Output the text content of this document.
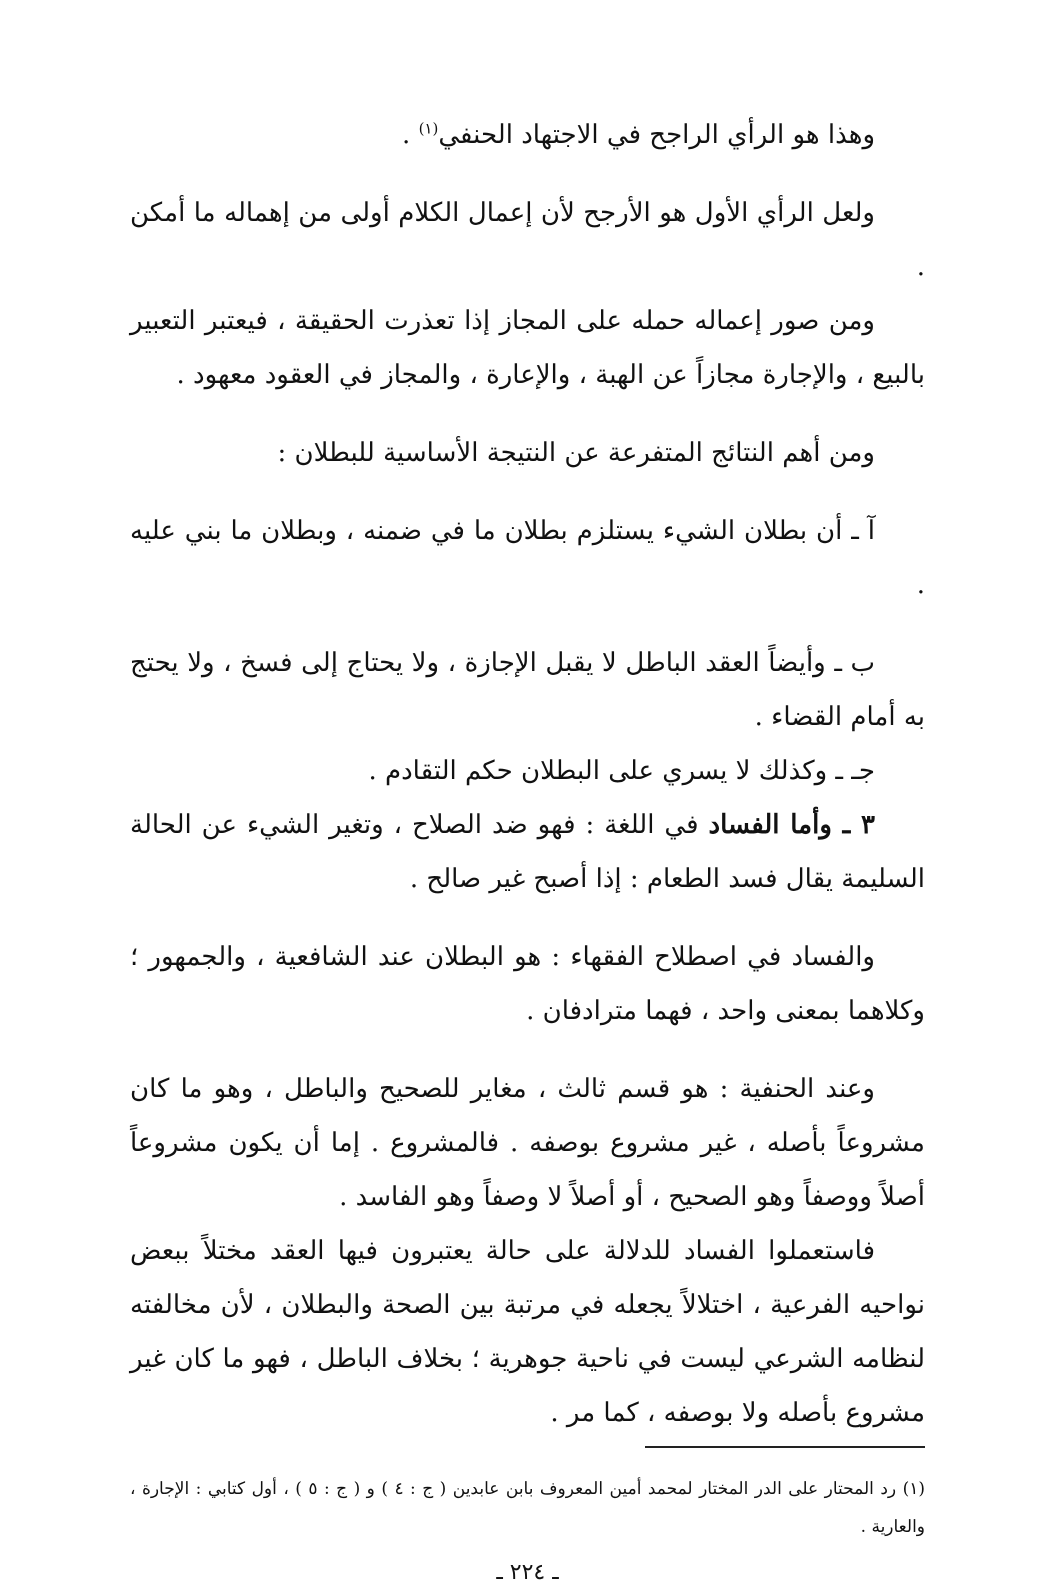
وهذا هو الرأي الراجح في الاجتهاد الحنفي$^{(١)}$ .

ولعل الرأي الأول هو الأرجح لأن إعمال الكلام أولى من إهماله ما أمكن .

ومن صور إعماله حمله على المجاز إذا تعذرت الحقيقة ، فيعتبر التعبير بالبيع ، والإجارة مجازاً عن الهبة ، والإعارة ، والمجاز في العقود معهود .

ومن أهم النتائج المتفرعة عن النتيجة الأساسية للبطلان :

آ ـ أن بطلان الشيء يستلزم بطلان ما في ضمنه ، وبطلان ما بني عليه .

ب ـ وأيضاً العقد الباطل لا يقبل الإجازة ، ولا يحتاج إلى فسخ ، ولا يحتج به أمام القضاء .

جـ ـ وكذلك لا يسري على البطلان حكم التقادم .

٣ ـ وأما الفساد في اللغة : فهو ضد الصلاح ، وتغير الشيء عن الحالة السليمة يقال فسد الطعام : إذا أصبح غير صالح .

والفساد في اصطلاح الفقهاء : هو البطلان عند الشافعية ، والجمهور ؛ وكلاهما بمعنى واحد ، فهما مترادفان .

وعند الحنفية : هو قسم ثالث ، مغاير للصحيح والباطل ، وهو ما كان مشروعاً بأصله ، غير مشروع بوصفه . فالمشروع . إما أن يكون مشروعاً أصلاً ووصفاً وهو الصحيح ، أو أصلاً لا وصفاً وهو الفاسد .

فاستعملوا الفساد للدلالة على حالة يعتبرون فيها العقد مختلاً ببعض نواحيه الفرعية ، اختلالاً يجعله في مرتبة بين الصحة والبطلان ، لأن مخالفته لنظامه الشرعي ليست في ناحية جوهرية ؛ بخلاف الباطل ، فهو ما كان غير مشروع بأصله ولا بوصفه ، كما مر .

(١) رد المحتار على الدر المختار لمحمد أمين المعروف بابن عابدين ( ج : ٤ ) و ( ج : ٥ ) ، أول كتابي : الإجارة ، والعارية .

ـ ٢٢٤ ـ
